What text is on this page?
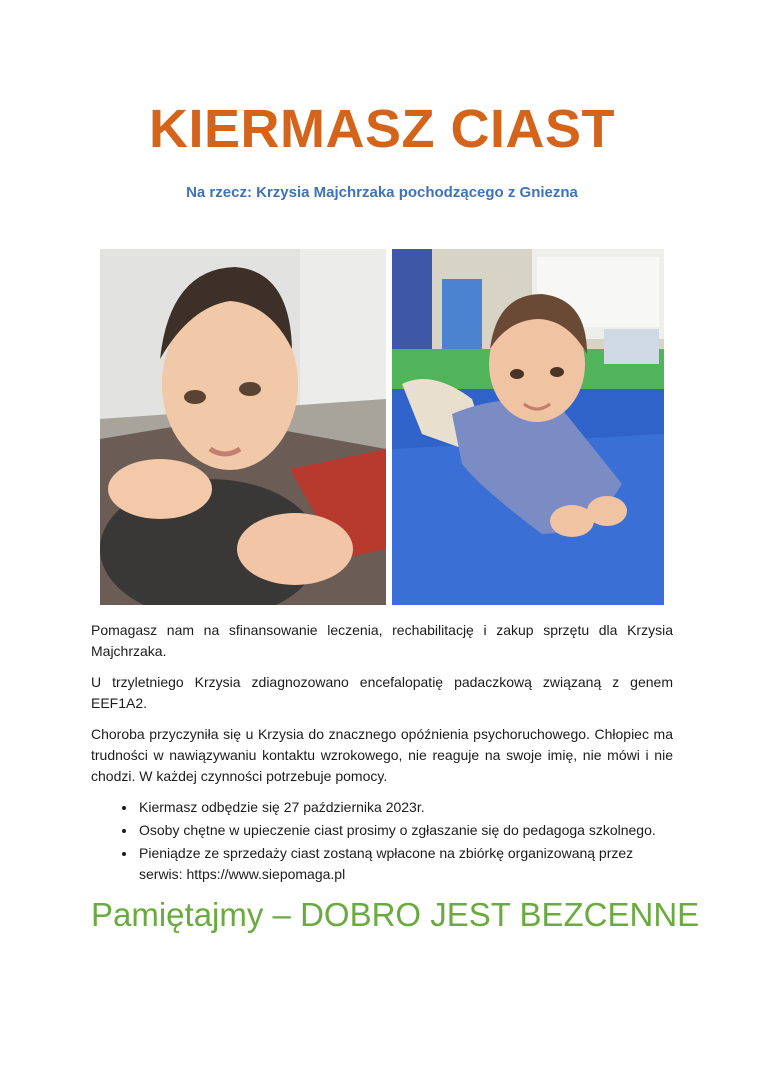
KIERMASZ CIAST
Na rzecz: Krzysia Majchrzaka pochodzącego z Gniezna

Pomagasz nam na sfinansowanie leczenia, rechabilitację i zakup sprzętu dla Krzysia Majchrzaka.

U trzyletniego Krzysia zdiagnozowano encefalopatię padaczkową związaną z genem EEF1A2.

Choroba przyczyniła się u Krzysia do znacznego opóźnienia psychoruchowego. Chłopiec ma trudności w nawiązywaniu kontaktu wzrokowego, nie reaguje na swoje imię, nie mówi i nie chodzi. W każdej czynności potrzebuje pomocy.

• Kiermasz odbędzie się 27 października 2023r.
• Osoby chętne w upieczenie ciast prosimy o zgłaszanie się do pedagoga szkolnego.
• Pieniądze ze sprzedaży ciast zostaną wpłacone na zbiórkę organizowaną przez serwis: https://www.siepomaga.pl
Pamiętajmy – DOBRO JEST BEZCENNE
